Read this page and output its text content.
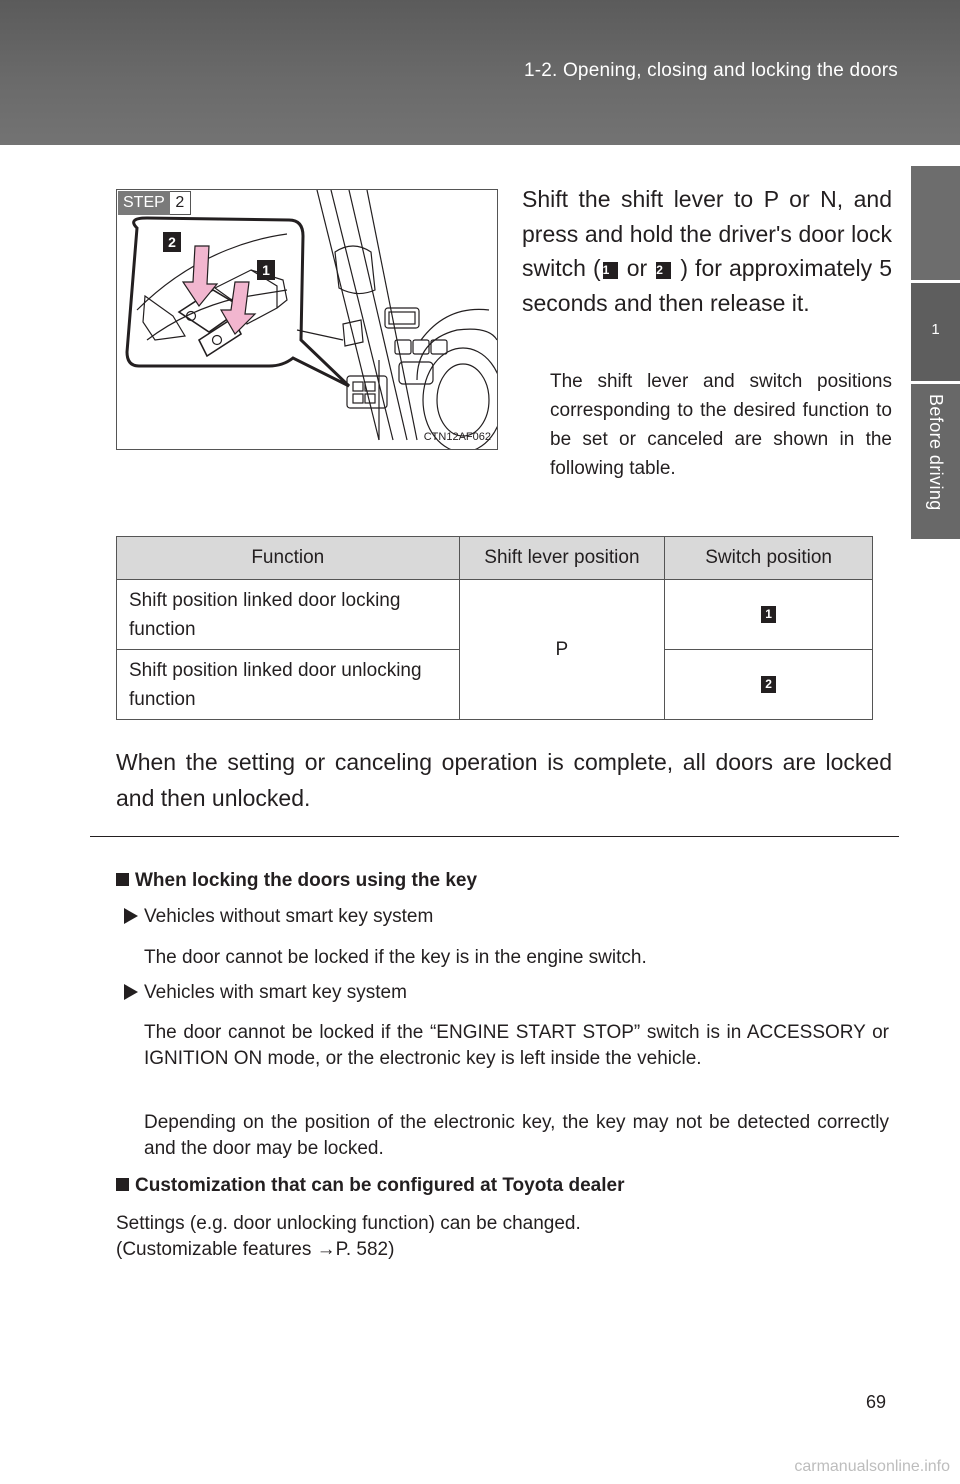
1-2. Opening, closing and locking the doors
1
Before driving
STEP 2
2
1
CTN12AF062
Shift the shift lever to P or N, and press and hold the driver's door lock switch ( 1 or 2 ) for approximately 5 seconds and then release it.
The shift lever and switch positions corresponding to the desired function to be set or canceled are shown in the following table.
Function	Shift lever position	Switch position
Shift position linked door locking function	P	1
Shift position linked door unlocking function		2
When the setting or canceling operation is complete, all doors are locked and then unlocked.
When locking the doors using the key
Vehicles without smart key system
The door cannot be locked if the key is in the engine switch.
Vehicles with smart key system
The door cannot be locked if the “ENGINE START STOP” switch is in ACCESSORY or IGNITION ON mode, or the electronic key is left inside the vehicle.
Depending on the position of the electronic key, the key may not be detected correctly and the door may be locked.
Customization that can be configured at Toyota dealer
Settings (e.g. door unlocking function) can be changed.
(Customizable features →P. 582)
69
carmanualsonline.info
